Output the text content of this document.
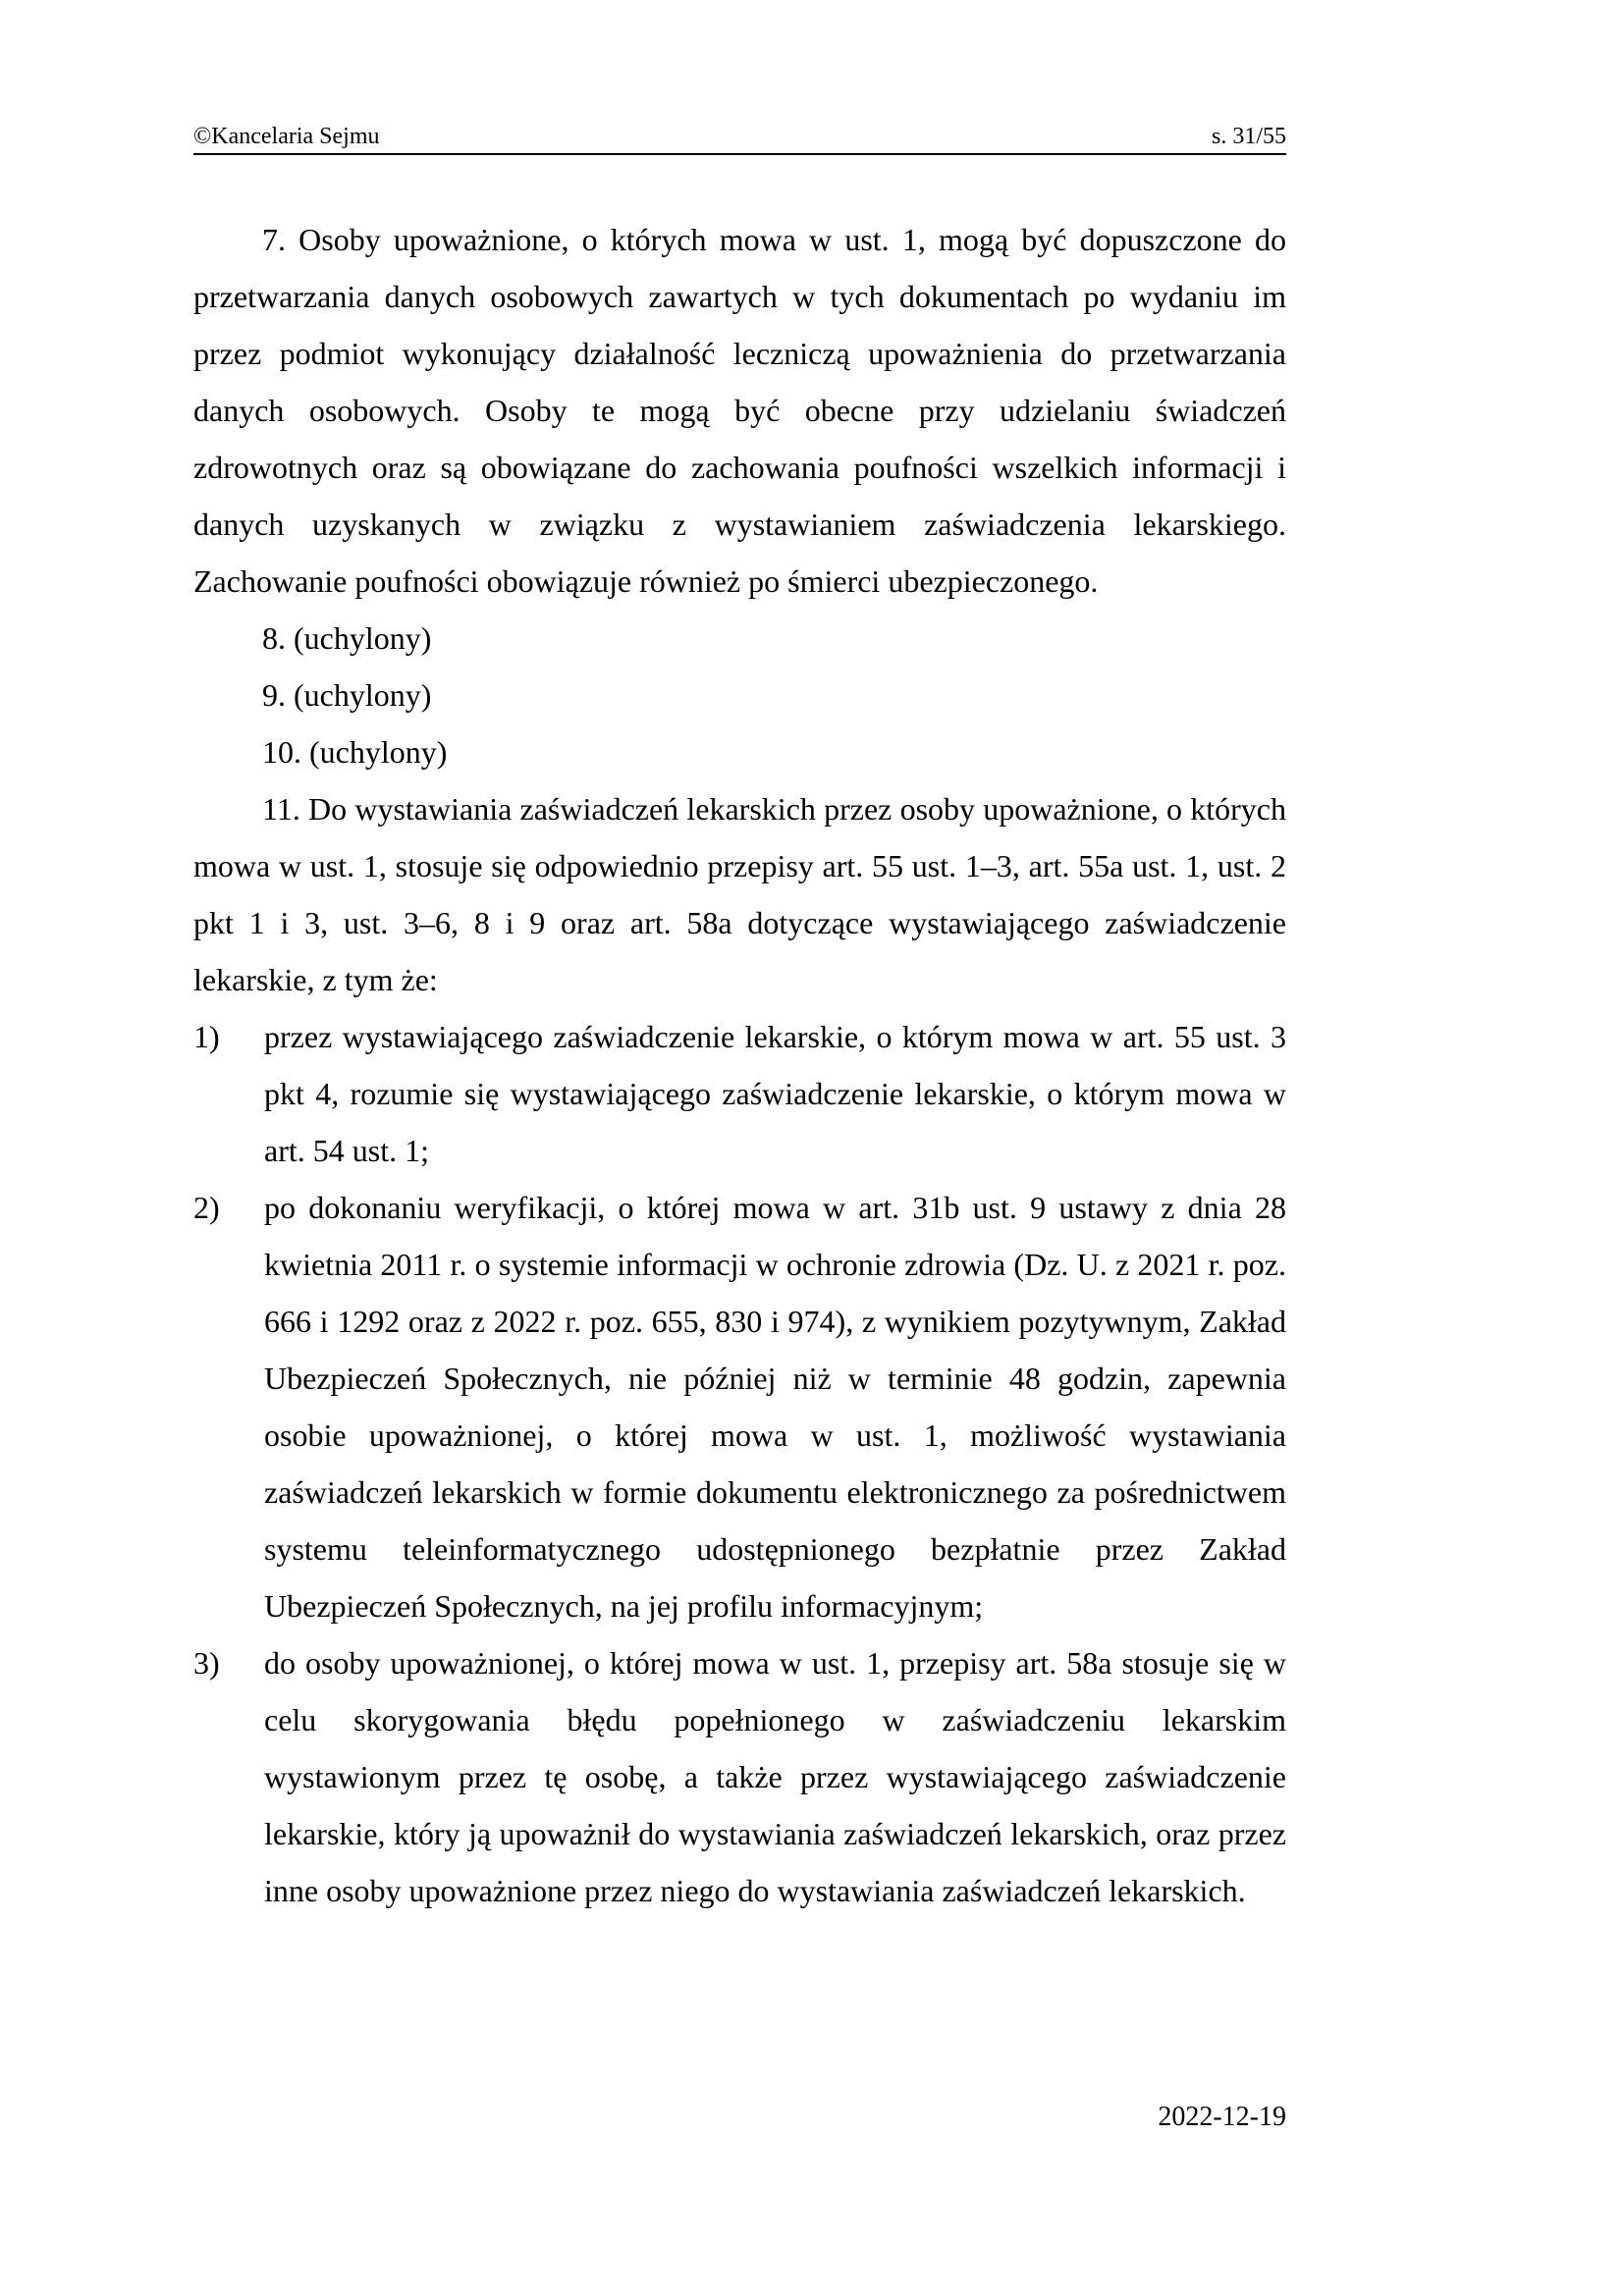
©Kancelaria Sejmu	s. 31/55

7. Osoby upoważnione, o których mowa w ust. 1, mogą być dopuszczone do przetwarzania danych osobowych zawartych w tych dokumentach po wydaniu im przez podmiot wykonujący działalność leczniczą upoważnienia do przetwarzania danych osobowych. Osoby te mogą być obecne przy udzielaniu świadczeń zdrowotnych oraz są obowiązane do zachowania poufności wszelkich informacji i danych uzyskanych w związku z wystawianiem zaświadczenia lekarskiego. Zachowanie poufności obowiązuje również po śmierci ubezpieczonego.

8. (uchylony)

9. (uchylony)

10. (uchylony)

11. Do wystawiania zaświadczeń lekarskich przez osoby upoważnione, o których mowa w ust. 1, stosuje się odpowiednio przepisy art. 55 ust. 1–3, art. 55a ust. 1, ust. 2 pkt 1 i 3, ust. 3–6, 8 i 9 oraz art. 58a dotyczące wystawiającego zaświadczenie lekarskie, z tym że:

1) przez wystawiającego zaświadczenie lekarskie, o którym mowa w art. 55 ust. 3 pkt 4, rozumie się wystawiającego zaświadczenie lekarskie, o którym mowa w art. 54 ust. 1;
2) po dokonaniu weryfikacji, o której mowa w art. 31b ust. 9 ustawy z dnia 28 kwietnia 2011 r. o systemie informacji w ochronie zdrowia (Dz. U. z 2021 r. poz. 666 i 1292 oraz z 2022 r. poz. 655, 830 i 974), z wynikiem pozytywnym, Zakład Ubezpieczeń Społecznych, nie później niż w terminie 48 godzin, zapewnia osobie upoważnionej, o której mowa w ust. 1, możliwość wystawiania zaświadczeń lekarskich w formie dokumentu elektronicznego za pośrednictwem systemu teleinformatycznego udostępnionego bezpłatnie przez Zakład Ubezpieczeń Społecznych, na jej profilu informacyjnym;
3) do osoby upoważnionej, o której mowa w ust. 1, przepisy art. 58a stosuje się w celu skorygowania błędu popełnionego w zaświadczeniu lekarskim wystawionym przez tę osobę, a także przez wystawiającego zaświadczenie lekarskie, który ją upoważnił do wystawiania zaświadczeń lekarskich, oraz przez inne osoby upoważnione przez niego do wystawiania zaświadczeń lekarskich.
2022-12-19
